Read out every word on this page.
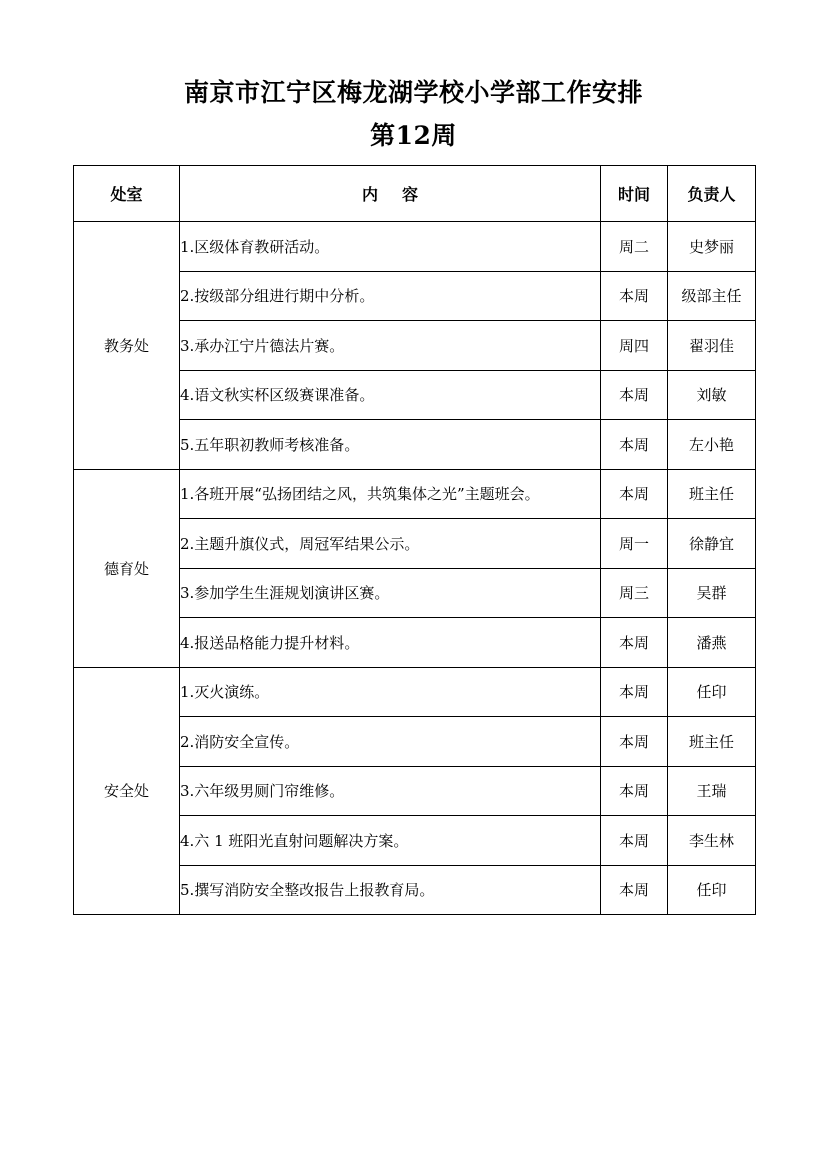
南京市江宁区梅龙湖学校小学部工作安排
第12周
处室	内容	时间	负责人
教务处	1.区级体育教研活动。	周二	史梦丽
	2.按级部分组进行期中分析。	本周	级部主任
	3.承办江宁片德法片赛。	周四	翟羽佳
	4.语文秋实杯区级赛课准备。	本周	刘敏
	5.五年职初教师考核准备。	本周	左小艳
德育处	1.各班开展“弘扬团结之风，共筑集体之光”主题班会。	本周	班主任
	2.主题升旗仪式，周冠军结果公示。	周一	徐静宜
	3.参加学生生涯规划演讲区赛。	周三	吴群
	4.报送品格能力提升材料。	本周	潘燕
安全处	1.灭火演练。	本周	任印
	2.消防安全宣传。	本周	班主任
	3.六年级男厕门帘维修。	本周	王瑞
	4.六 1 班阳光直射问题解决方案。	本周	李生林
	5.撰写消防安全整改报告上报教育局。	本周	任印
